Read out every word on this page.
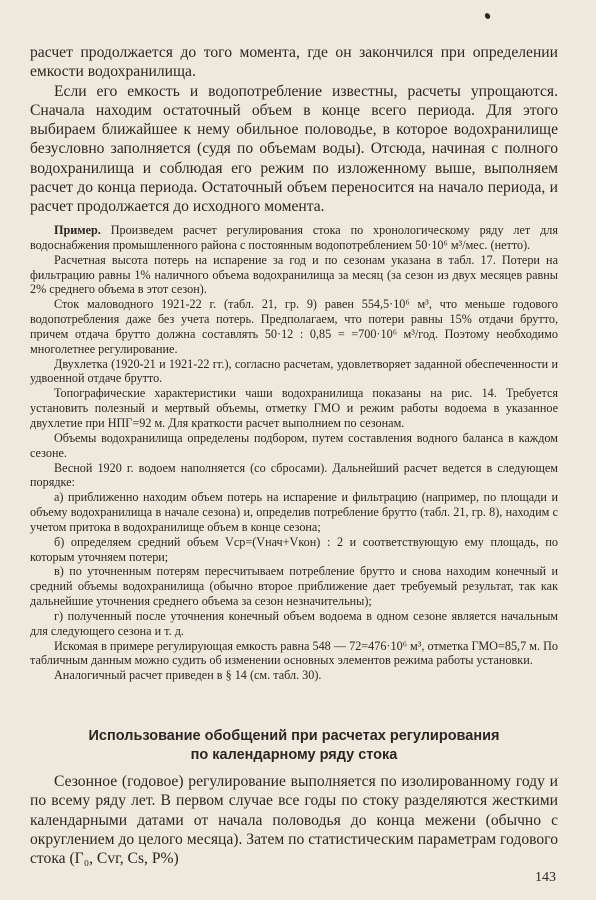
расчет продолжается до того момента, где он закончился при определении емкости водохранилища.

Если его емкость и водопотребление известны, расчеты упрощаются. Сначала находим остаточный объем в конце всего периода. Для этого выбираем ближайшее к нему обильное половодье, в которое водохранилище безусловно заполняется (судя по объемам воды). Отсюда, начиная с полного водохранилища и соблюдая его режим по изложенному выше, выполняем расчет до конца периода. Остаточный объем переносится на начало периода, и расчет продолжается до исходного момента.

Пример. Произведем расчет регулирования стока по хронологическому ряду лет для водоснабжения промышленного района с постоянным водопотреблением 50·10⁶ м³/мес. (нетто).

Расчетная высота потерь на испарение за год и по сезонам указана в табл. 17. Потери на фильтрацию равны 1% наличного объема водохранилища за месяц (за сезон из двух месяцев равны 2% среднего объема в этот сезон).

Сток маловодного 1921-22 г. (табл. 21, гр. 9) равен 554,5·10⁶ м³, что меньше годового водопотребления даже без учета потерь. Предполагаем, что потери равны 15% отдачи брутто, причем отдача брутто должна составлять 50·12 : 0,85 = =700·10⁶ м³/год. Поэтому необходимо многолетнее регулирование.

Двухлетка (1920-21 и 1921-22 гг.), согласно расчетам, удовлетворяет заданной обеспеченности и удвоенной отдаче брутто.

Топографические характеристики чаши водохранилища показаны на рис. 14. Требуется установить полезный и мертвый объемы, отметку ГМО и режим работы водоема в указанное двухлетие при НПГ=92 м. Для краткости расчет выполнием по сезонам.

Объемы водохранилища определены подбором, путем составления водного баланса в каждом сезоне.

Весной 1920 г. водоем наполняется (со сбросами). Дальнейший расчет ведется в следующем порядке:

а) приближенно находим объем потерь на испарение и фильтрацию (например, по площади и объему водохранилища в начале сезона) и, определив потребление брутто (табл. 21, гр. 8), находим с учетом притока в водохранилище объем в конце сезона;

б) определяем средний объем Vср=(Vнач+Vкон) : 2 и соответствующую ему площадь, по которым уточняем потери;

в) по уточненным потерям пересчитываем потребление брутто и снова находим конечный и средний объемы водохранилища (обычно второе приближение дает требуемый результат, так как дальнейшие уточнения среднего объема за сезон незначительны);

г) полученный после уточнения конечный объем водоема в одном сезоне является начальным для следующего сезона и т. д.

Искомая в примере регулирующая емкость равна 548 — 72=476·10⁶ м³, отметка ГМО=85,7 м. По табличным данным можно судить об изменении основных элементов режима работы установки.

Аналогичный расчет приведен в § 14 (см. табл. 30).

Использование обобщений при расчетах регулирования
по календарному ряду стока

Сезонное (годовое) регулирование выполняется по изолированному году и по всему ряду лет. В первом случае все годы по стоку разделяются жесткими календарными датами от начала половодья до конца межени (обычно с округлением до целого месяца). Затем по статистическим параметрам годового стока (Г₀, Cvг, Cs, P%)

143
